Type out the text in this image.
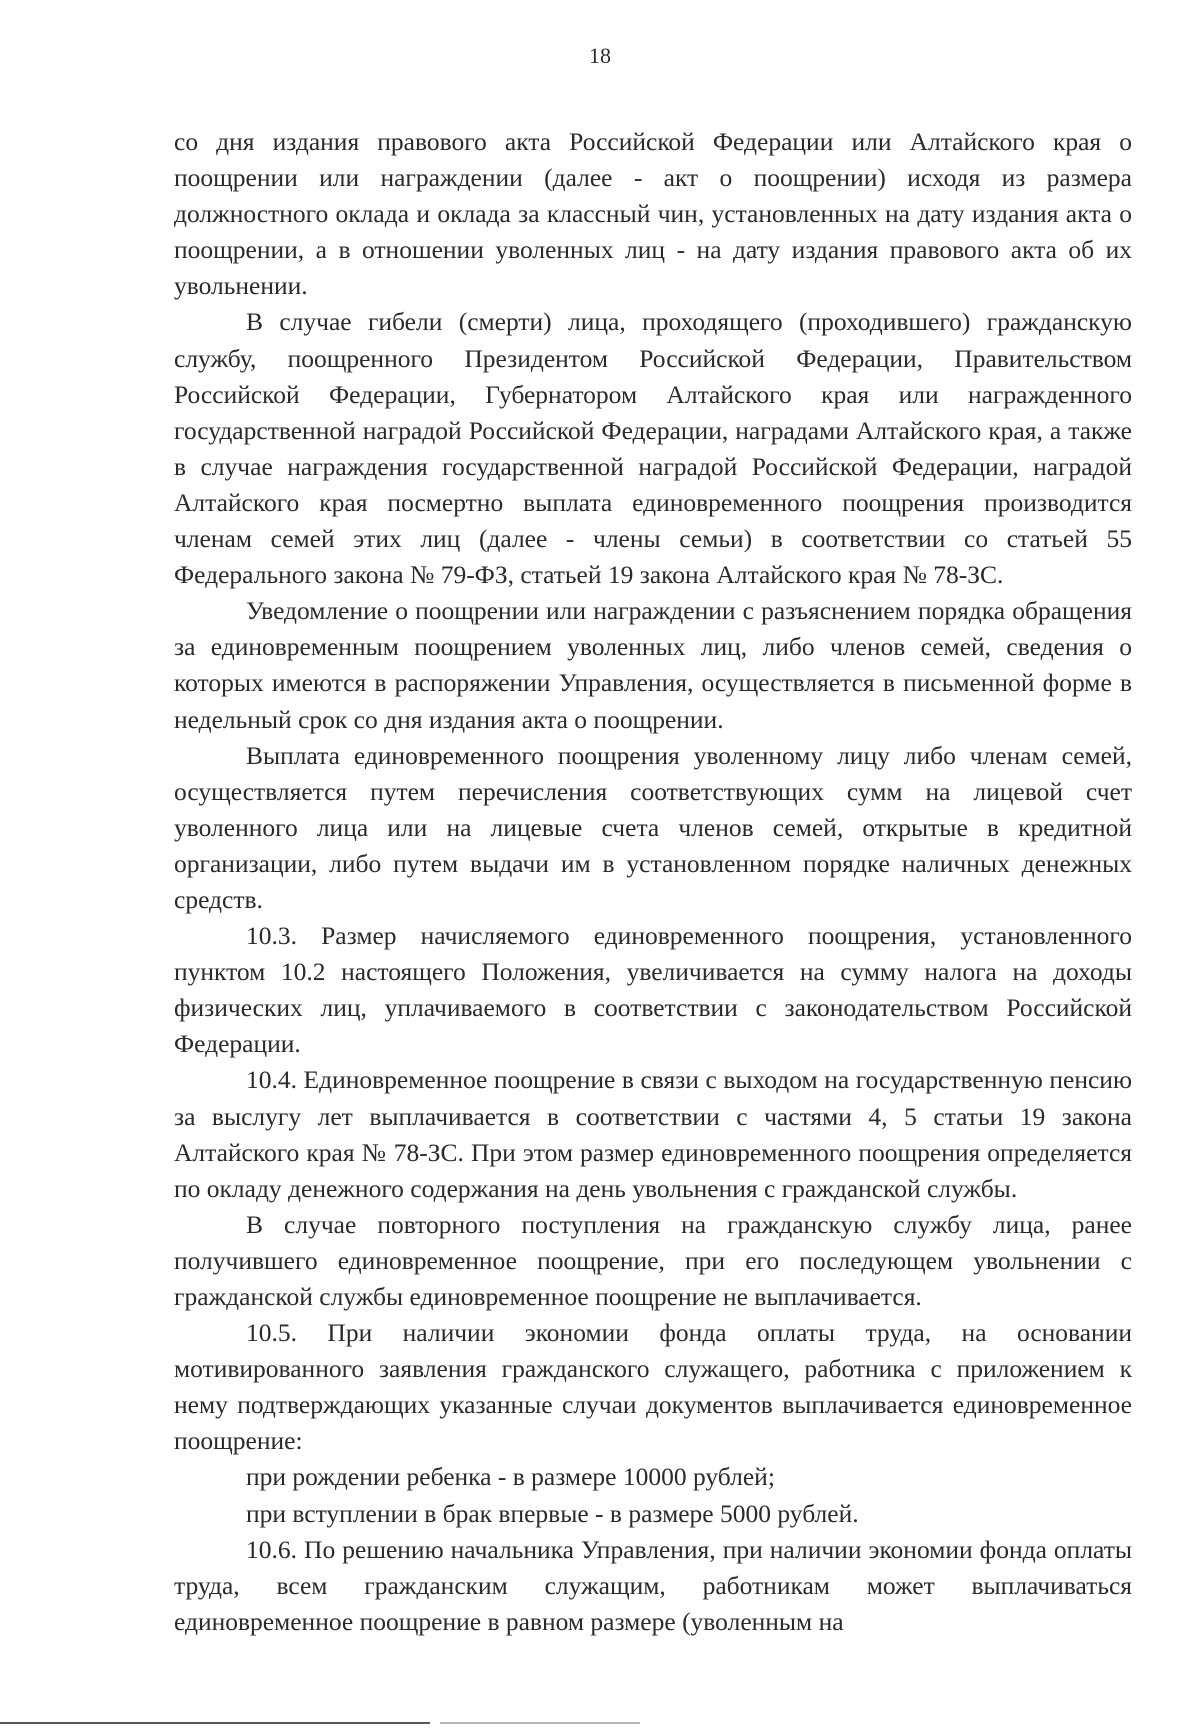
18

со дня издания правового акта Российской Федерации или Алтайского края о поощрении или награждении (далее - акт о поощрении) исходя из размера должностного оклада и оклада за классный чин, установленных на дату издания акта о поощрении, а в отношении уволенных лиц - на дату издания правового акта об их увольнении.

В случае гибели (смерти) лица, проходящего (проходившего) гражданскую службу, поощренного Президентом Российской Федерации, Правительством Российской Федерации, Губернатором Алтайского края или награжденного государственной наградой Российской Федерации, наградами Алтайского края, а также в случае награждения государственной наградой Российской Федерации, наградой Алтайского края посмертно выплата единовременного поощрения производится членам семей этих лиц (далее - члены семьи) в соответствии со статьей 55 Федерального закона № 79-ФЗ, статьей 19 закона Алтайского края № 78-ЗС.

Уведомление о поощрении или награждении с разъяснением порядка обращения за единовременным поощрением уволенных лиц, либо членов семей, сведения о которых имеются в распоряжении Управления, осуществляется в письменной форме в недельный срок со дня издания акта о поощрении.

Выплата единовременного поощрения уволенному лицу либо членам семей, осуществляется путем перечисления соответствующих сумм на лицевой счет уволенного лица или на лицевые счета членов семей, открытые в кредитной организации, либо путем выдачи им в установленном порядке наличных денежных средств.

10.3. Размер начисляемого единовременного поощрения, установленного пунктом 10.2 настоящего Положения, увеличивается на сумму налога на доходы физических лиц, уплачиваемого в соответствии с законодательством Российской Федерации.

10.4. Единовременное поощрение в связи с выходом на государственную пенсию за выслугу лет выплачивается в соответствии с частями 4, 5 статьи 19 закона Алтайского края № 78-ЗС. При этом размер единовременного поощрения определяется по окладу денежного содержания на день увольнения с гражданской службы.

В случае повторного поступления на гражданскую службу лица, ранее получившего единовременное поощрение, при его последующем увольнении с гражданской службы единовременное поощрение не выплачивается.

10.5. При наличии экономии фонда оплаты труда, на основании мотивированного заявления гражданского служащего, работника с приложением к нему подтверждающих указанные случаи документов выплачивается единовременное поощрение:

при рождении ребенка - в размере 10000 рублей;

при вступлении в брак впервые - в размере 5000 рублей.

10.6. По решению начальника Управления, при наличии экономии фонда оплаты труда, всем гражданским служащим, работникам может выплачиваться единовременное поощрение в равном размере (уволенным на
